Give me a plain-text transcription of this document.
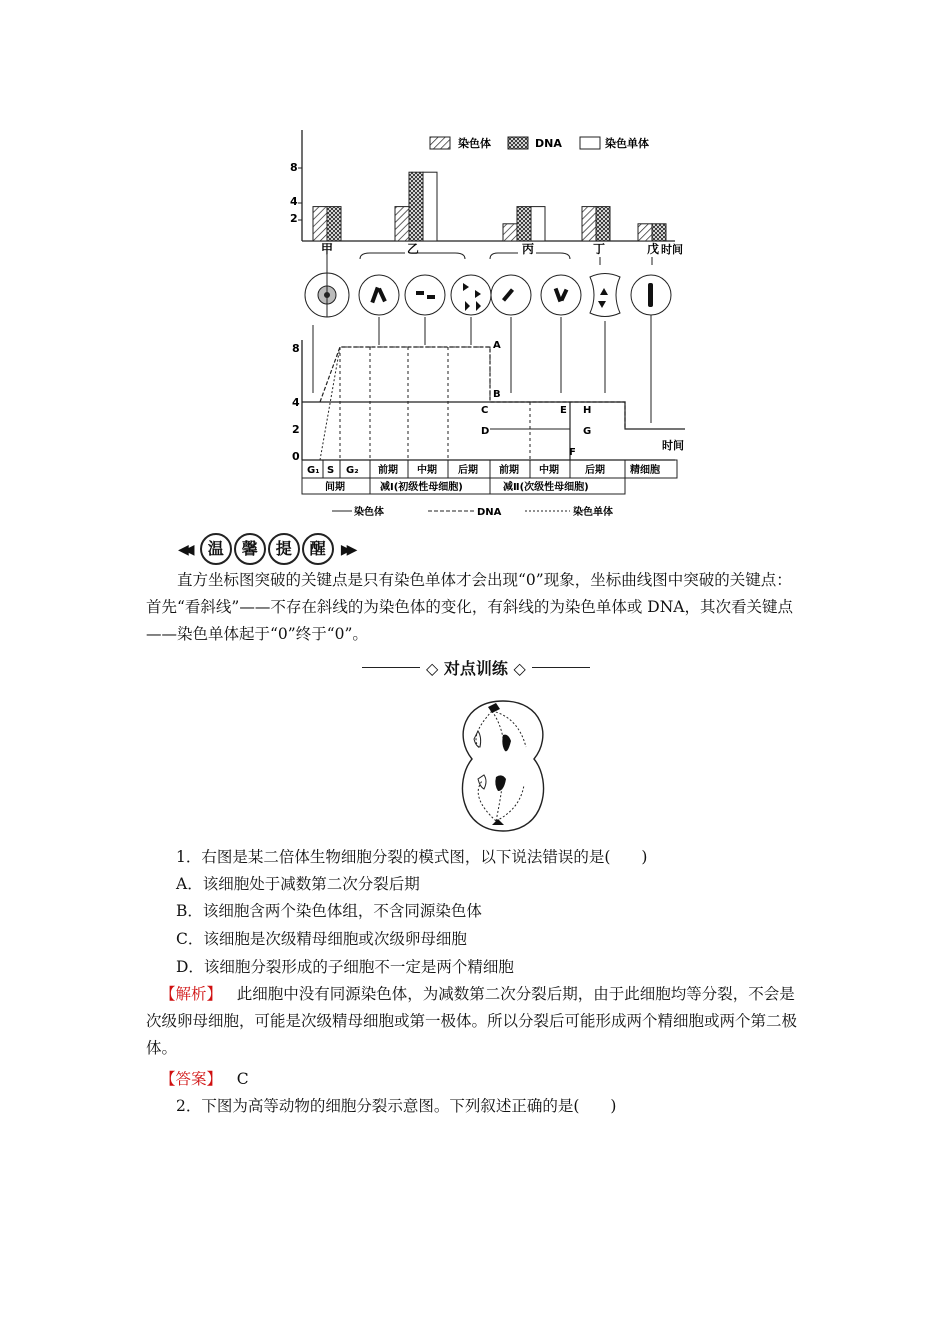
染色体	DNA	染色单体
8
4
2
甲	乙	丙	丁	戊 时间
8
4
2
0
A
B
C
D
E
F
H
G
时间
G₁ S G₂ 前期 中期 后期 前期 中期	后期	精细胞
间期	减Ⅰ(初级性母细胞)	减Ⅱ(次级性母细胞)
染色体	DNA	染色单体
◀◀ 温 馨 提 醒 ▶▶
直方坐标图突破的关键点是只有染色单体才会出现“0”现象，坐标曲线图中突破的关键点：首先“看斜线”——不存在斜线的为染色体的变化，有斜线的为染色单体或 DNA，其次看关键点——染色单体起于“0”终于“0”。
◇ 对点训练 ◇
1．右图是某二倍体生物细胞分裂的模式图，以下说法错误的是(　　)
A．该细胞处于减数第二次分裂后期
B．该细胞含两个染色体组，不含同源染色体
C．该细胞是次级精母细胞或次级卵母细胞
D．该细胞分裂形成的子细胞不一定是两个精细胞
【解析】 此细胞中没有同源染色体，为减数第二次分裂后期，由于此细胞均等分裂，不会是次级卵母细胞，可能是次级精母细胞或第一极体。所以分裂后可能形成两个精细胞或两个第二极体。
【答案】 C
2．下图为高等动物的细胞分裂示意图。下列叙述正确的是(　　)
